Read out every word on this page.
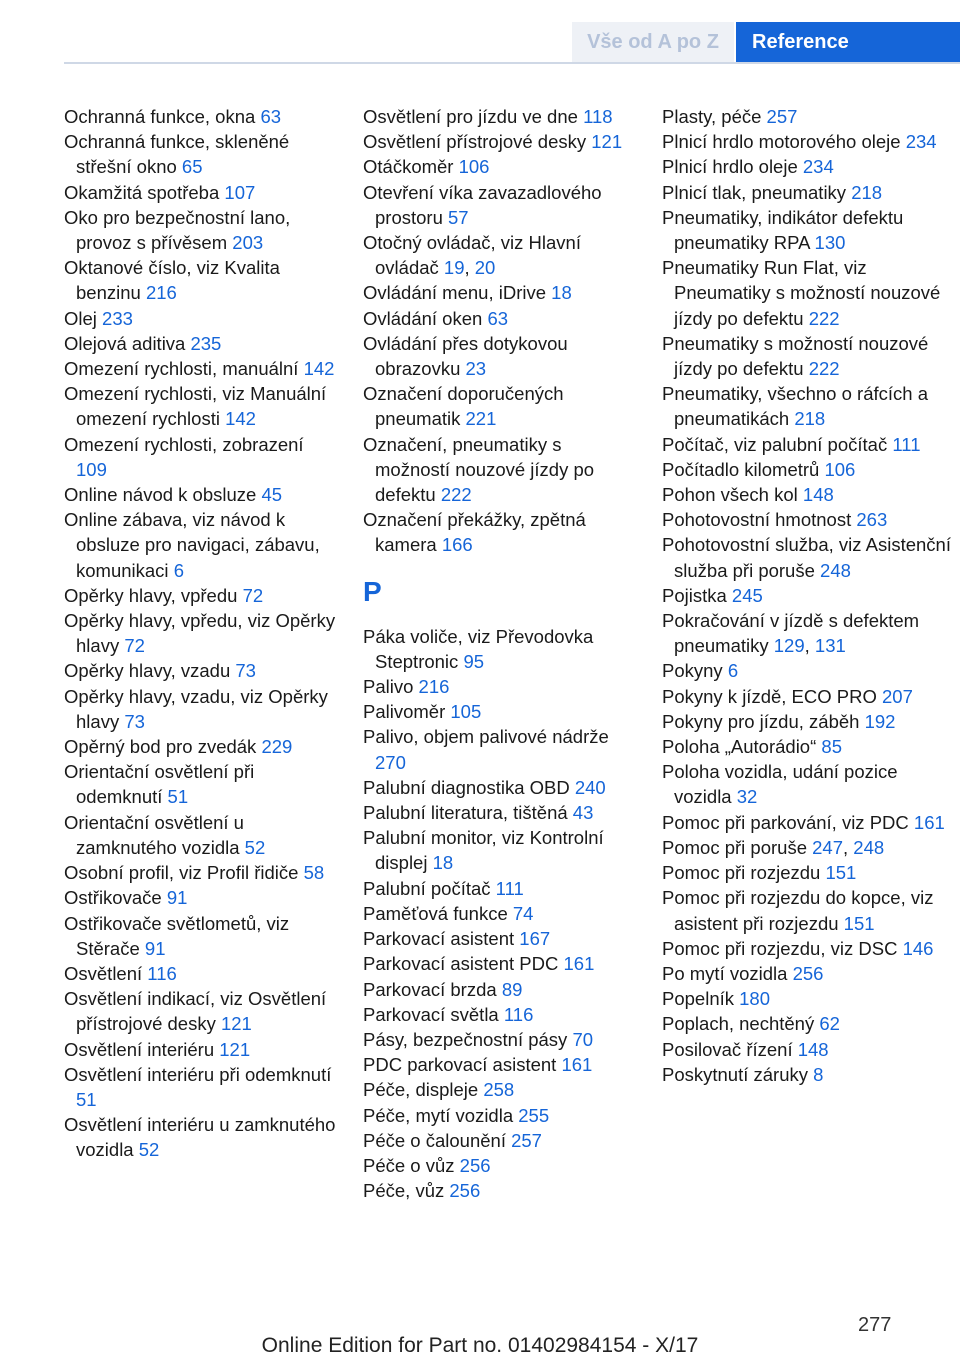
Vše od A po Z	Reference
Ochranná funkce, okna 63
Ochranná funkce, skleněné střešní okno 65
Okamžitá spotřeba 107
Oko pro bezpečnostní lano, provoz s přívěsem 203
Oktanové číslo, viz Kvalita benzinu 216
Olej 233
Olejová aditiva 235
Omezení rychlosti, manuální 142
Omezení rychlosti, viz Manuální omezení rychlosti 142
Omezení rychlosti, zobrazení 109
Online návod k obsluze 45
Online zábava, viz návod k obsluze pro navigaci, zábavu, komunikaci 6
Opěrky hlavy, vpředu 72
Opěrky hlavy, vpředu, viz Opěrky hlavy 72
Opěrky hlavy, vzadu 73
Opěrky hlavy, vzadu, viz Opěrky hlavy 73
Opěrný bod pro zvedák 229
Orientační osvětlení při odemknutí 51
Orientační osvětlení u zamknutého vozidla 52
Osobní profil, viz Profil řidiče 58
Ostřikovače 91
Ostřikovače světlometů, viz Stěrače 91
Osvětlení 116
Osvětlení indikací, viz Osvětlení přístrojové desky 121
Osvětlení interiéru 121
Osvětlení interiéru při odemknutí 51
Osvětlení interiéru u zamknutého vozidla 52
Osvětlení pro jízdu ve dne 118
Osvětlení přístrojové desky 121
Otáčkoměr 106
Otevření víka zavazadlového prostoru 57
Otočný ovládač, viz Hlavní ovládač 19, 20
Ovládání menu, iDrive 18
Ovládání oken 63
Ovládání přes dotykovou obrazovku 23
Označení doporučených pneumatik 221
Označení, pneumatiky s možností nouzové jízdy po defektu 222
Označení překážky, zpětná kamera 166
P
Páka voliče, viz Převodovka Steptronic 95
Palivo 216
Palivoměr 105
Palivo, objem palivové nádrže 270
Palubní diagnostika OBD 240
Palubní literatura, tištěná 43
Palubní monitor, viz Kontrolní displej 18
Palubní počítač 111
Paměťová funkce 74
Parkovací asistent 167
Parkovací asistent PDC 161
Parkovací brzda 89
Parkovací světla 116
Pásy, bezpečnostní pásy 70
PDC parkovací asistent 161
Péče, displeje 258
Péče, mytí vozidla 255
Péče o čalounění 257
Péče o vůz 256
Péče, vůz 256
Plasty, péče 257
Plnicí hrdlo motorového oleje 234
Plnicí hrdlo oleje 234
Plnicí tlak, pneumatiky 218
Pneumatiky, indikátor defektu pneumatiky RPA 130
Pneumatiky Run Flat, viz Pneumatiky s možností nouzové jízdy po defektu 222
Pneumatiky s možností nouzové jízdy po defektu 222
Pneumatiky, všechno o ráfcích a pneumatikách 218
Počítač, viz palubní počítač 111
Počítadlo kilometrů 106
Pohon všech kol 148
Pohotovostní hmotnost 263
Pohotovostní služba, viz Asistenční služba při poruše 248
Pojistka 245
Pokračování v jízdě s defektem pneumatiky 129, 131
Pokyny 6
Pokyny k jízdě, ECO PRO 207
Pokyny pro jízdu, záběh 192
Poloha „Autorádio“ 85
Poloha vozidla, udání pozice vozidla 32
Pomoc při parkování, viz PDC 161
Pomoc při poruše 247, 248
Pomoc při rozjezdu 151
Pomoc při rozjezdu do kopce, viz asistent při rozjezdu 151
Pomoc při rozjezdu, viz DSC 146
Po mytí vozidla 256
Popelník 180
Poplach, nechtěný 62
Posilovač řízení 148
Poskytnutí záruky 8
277
Online Edition for Part no. 01402984154 - X/17
